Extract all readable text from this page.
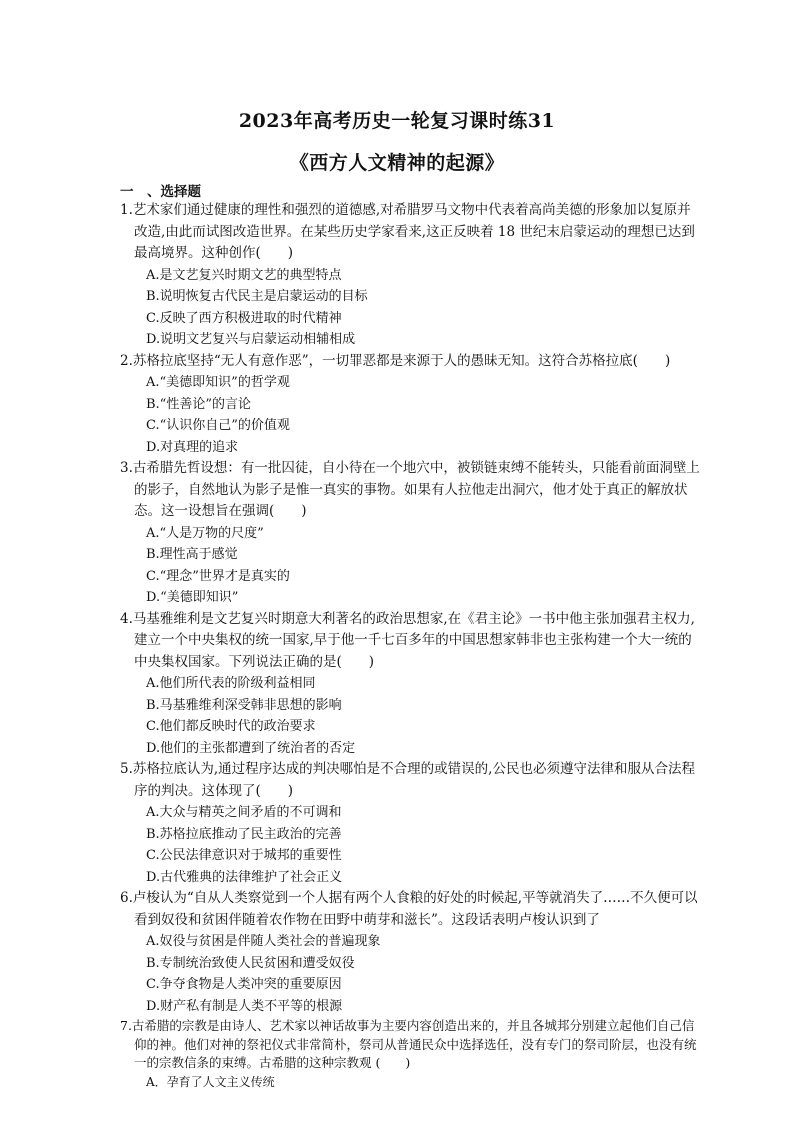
2023年高考历史一轮复习课时练31
《西方人文精神的起源》

一　、选择题

1.艺术家们通过健康的理性和强烈的道德感,对希腊罗马文物中代表着高尚美德的形象加以复原并改造,由此而试图改造世界。在某些历史学家看来,这正反映着 18 世纪末启蒙运动的理想已达到最高境界。这种创作(　　)

A.是文艺复兴时期文艺的典型特点

B.说明恢复古代民主是启蒙运动的目标

C.反映了西方积极进取的时代精神

D.说明文艺复兴与启蒙运动相辅相成

2.苏格拉底坚持“无人有意作恶”，一切罪恶都是来源于人的愚昧无知。这符合苏格拉底(　　)

A.“美德即知识”的哲学观

B.“性善论”的言论

C.“认识你自己”的价值观

D.对真理的追求

3.古希腊先哲设想：有一批囚徒，自小待在一个地穴中，被锁链束缚不能转头，只能看前面洞壁上的影子，自然地认为影子是惟一真实的事物。如果有人拉他走出洞穴，他才处于真正的解放状态。这一设想旨在强调(　　)

A.“人是万物的尺度”

B.理性高于感觉

C.“理念”世界才是真实的

D.“美德即知识”

4.马基雅维利是文艺复兴时期意大利著名的政治思想家,在《君主论》一书中他主张加强君主权力,建立一个中央集权的统一国家,早于他一千七百多年的中国思想家韩非也主张构建一个大一统的中央集权国家。下列说法正确的是(　　)

A.他们所代表的阶级利益相同

B.马基雅维利深受韩非思想的影响

C.他们都反映时代的政治要求

D.他们的主张都遭到了统治者的否定

5.苏格拉底认为,通过程序达成的判决哪怕是不合理的或错误的,公民也必须遵守法律和服从合法程序的判决。这体现了(　　)

A.大众与精英之间矛盾的不可调和

B.苏格拉底推动了民主政治的完善

C.公民法律意识对于城邦的重要性

D.古代雅典的法律维护了社会正义

6.卢梭认为“自从人类察觉到一个人据有两个人食粮的好处的时候起,平等就消失了……不久便可以看到奴役和贫困伴随着农作物在田野中萌芽和滋长”。这段话表明卢梭认识到了

A.奴役与贫困是伴随人类社会的普遍现象

B.专制统治致使人民贫困和遭受奴役

C.争夺食物是人类冲突的重要原因

D.财产私有制是人类不平等的根源

7.古希腊的宗教是由诗人、艺术家以神话故事为主要内容创造出来的，并且各城邦分别建立起他们自己信仰的神。他们对神的祭祀仪式非常简朴，祭司从普通民众中选择选任，没有专门的祭司阶层，也没有统一的宗教信条的束缚。古希腊的这种宗教观 (　　)

A．孕育了人文主义传统
